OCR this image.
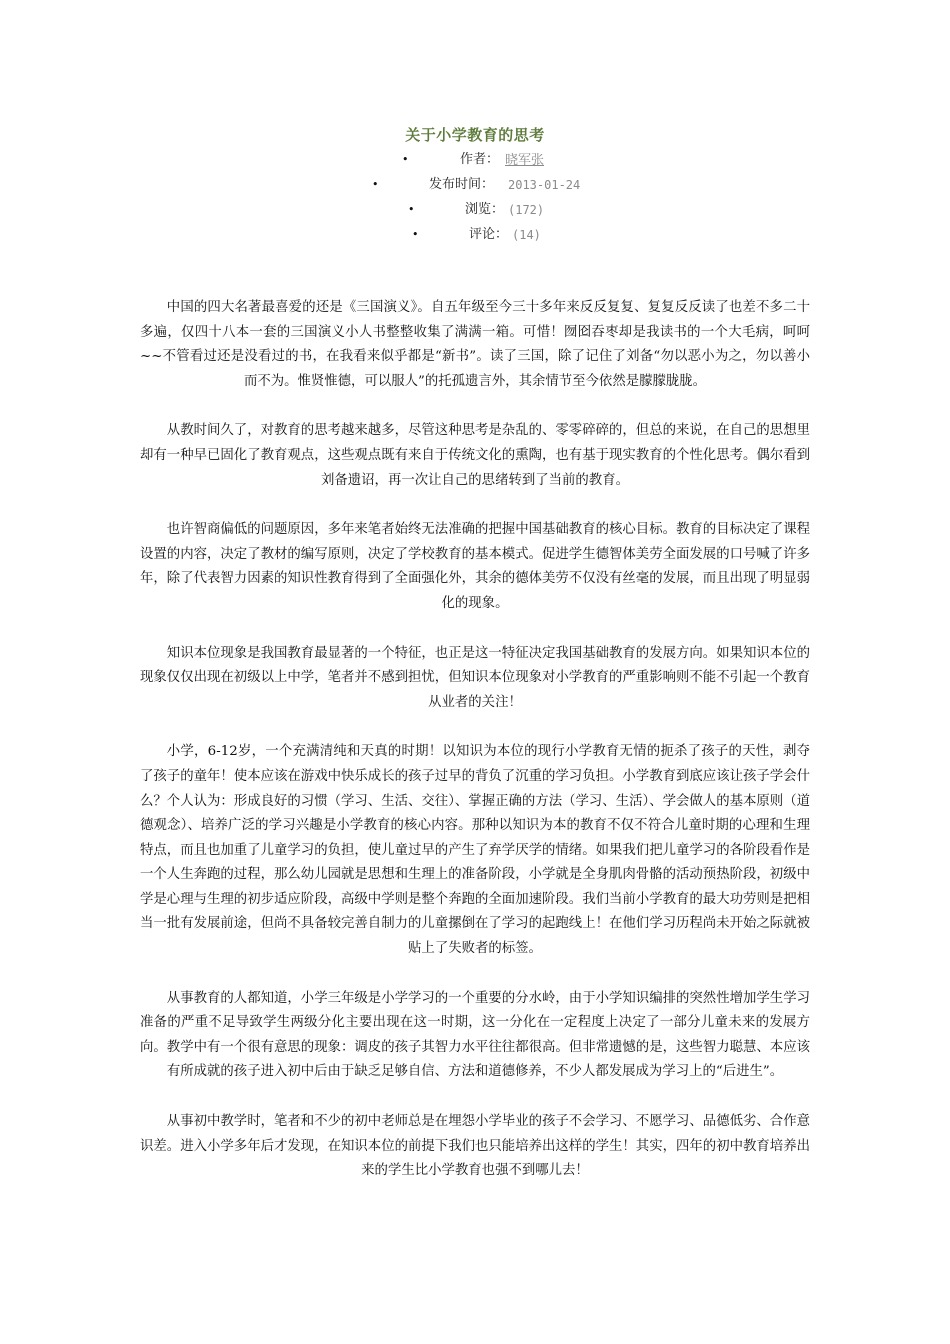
关于小学教育的思考
•	作者： 晓军张
•	发布时间： 2013-01-24
•	浏览： (172)
•	评论： (14)

中国的四大名著最喜爱的还是《三国演义》。自五年级至今三十多年来反反复复、复复反反读了也差不多二十多遍，仅四十八本一套的三国演义小人书整整收集了满满一箱。可惜！囫囵吞枣却是我读书的一个大毛病，呵呵~~不管看过还是没看过的书，在我看来似乎都是“新书”。读了三国，除了记住了刘备“勿以恶小为之，勿以善小而不为。惟贤惟德，可以服人”的托孤遗言外，其余情节至今依然是朦朦胧胧。

从教时间久了，对教育的思考越来越多，尽管这种思考是杂乱的、零零碎碎的，但总的来说，在自己的思想里却有一种早已固化了教育观点，这些观点既有来自于传统文化的熏陶，也有基于现实教育的个性化思考。偶尔看到刘备遗诏，再一次让自己的思绪转到了当前的教育。

也许智商偏低的问题原因，多年来笔者始终无法准确的把握中国基础教育的核心目标。教育的目标决定了课程设置的内容，决定了教材的编写原则，决定了学校教育的基本模式。促进学生德智体美劳全面发展的口号喊了许多年，除了代表智力因素的知识性教育得到了全面强化外，其余的德体美劳不仅没有丝毫的发展，而且出现了明显弱化的现象。

知识本位现象是我国教育最显著的一个特征，也正是这一特征决定我国基础教育的发展方向。如果知识本位的现象仅仅出现在初级以上中学，笔者并不感到担忧，但知识本位现象对小学教育的严重影响则不能不引起一个教育从业者的关注！

小学，6-12岁，一个充满清纯和天真的时期！以知识为本位的现行小学教育无情的扼杀了孩子的天性，剥夺了孩子的童年！使本应该在游戏中快乐成长的孩子过早的背负了沉重的学习负担。小学教育到底应该让孩子学会什么？个人认为：形成良好的习惯（学习、生活、交往）、掌握正确的方法（学习、生活）、学会做人的基本原则（道德观念）、培养广泛的学习兴趣是小学教育的核心内容。那种以知识为本的教育不仅不符合儿童时期的心理和生理特点，而且也加重了儿童学习的负担，使儿童过早的产生了弃学厌学的情绪。如果我们把儿童学习的各阶段看作是一个人生奔跑的过程，那么幼儿园就是思想和生理上的准备阶段，小学就是全身肌肉骨骼的活动预热阶段，初级中学是心理与生理的初步适应阶段，高级中学则是整个奔跑的全面加速阶段。我们当前小学教育的最大功劳则是把相当一批有发展前途，但尚不具备较完善自制力的儿童摞倒在了学习的起跑线上！在他们学习历程尚未开始之际就被贴上了失败者的标签。

从事教育的人都知道，小学三年级是小学学习的一个重要的分水岭，由于小学知识编排的突然性增加学生学习准备的严重不足导致学生两级分化主要出现在这一时期，这一分化在一定程度上决定了一部分儿童未来的发展方向。教学中有一个很有意思的现象：调皮的孩子其智力水平往往都很高。但非常遗憾的是，这些智力聪慧、本应该有所成就的孩子进入初中后由于缺乏足够自信、方法和道德修养，不少人都发展成为学习上的“后进生”。

从事初中教学时，笔者和不少的初中老师总是在埋怨小学毕业的孩子不会学习、不愿学习、品德低劣、合作意识差。进入小学多年后才发现，在知识本位的前提下我们也只能培养出这样的学生！其实，四年的初中教育培养出来的学生比小学教育也强不到哪儿去！
